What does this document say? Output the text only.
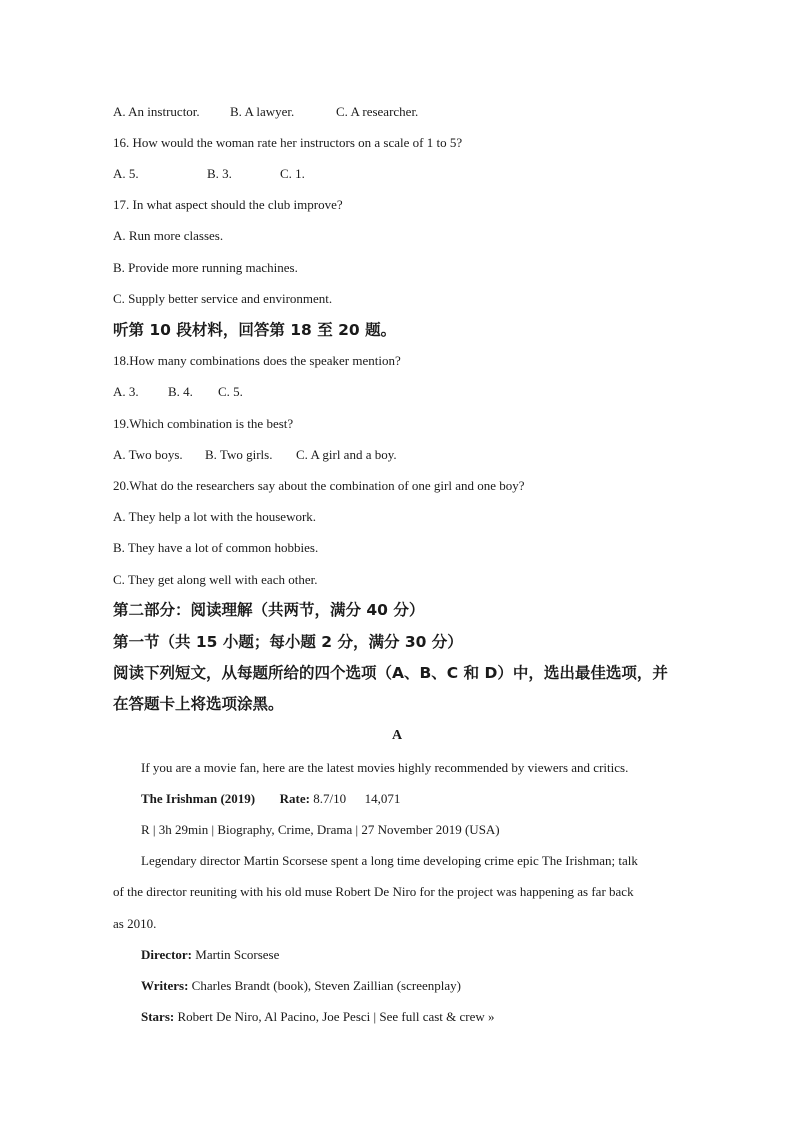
A. An instructor. B. A lawyer.	C. A researcher.
16. How would the woman rate her instructors on a scale of 1 to 5?
A. 5.	B. 3.	C. 1.
17. In what aspect should the club improve?
A. Run more classes.
B. Provide more running machines.
C. Supply better service and environment.
听第 10 段材料，回答第 18 至 20 题。
18.How many combinations does the speaker mention?
A. 3. B. 4. C. 5.
19.Which combination is the best?
A. Two boys. B. Two girls. C. A girl and a boy.
20.What do the researchers say about the combination of one girl and one boy?
A. They help a lot with the housework.
B. They have a lot of common hobbies.
C. They get along well with each other.
第二部分：阅读理解（共两节，满分 40 分）
第一节（共 15 小题；每小题 2 分，满分 30 分）
阅读下列短文，从每题所给的四个选项（A、B、C 和 D）中，选出最佳选项，并
在答题卡上将选项涂黑。
A
If you are a movie fan, here are the latest movies highly recommended by viewers and critics.
The Irishman (2019) Rate: 8.7/10 14,071
R | 3h 29min | Biography, Crime, Drama | 27 November 2019 (USA)
Legendary director Martin Scorsese spent a long time developing crime epic The Irishman; talk
of the director reuniting with his old muse Robert De Niro for the project was happening as far back
as 2010.
Director: Martin Scorsese
Writers: Charles Brandt (book), Steven Zaillian (screenplay)
Stars: Robert De Niro, Al Pacino, Joe Pesci | See full cast & crew »
